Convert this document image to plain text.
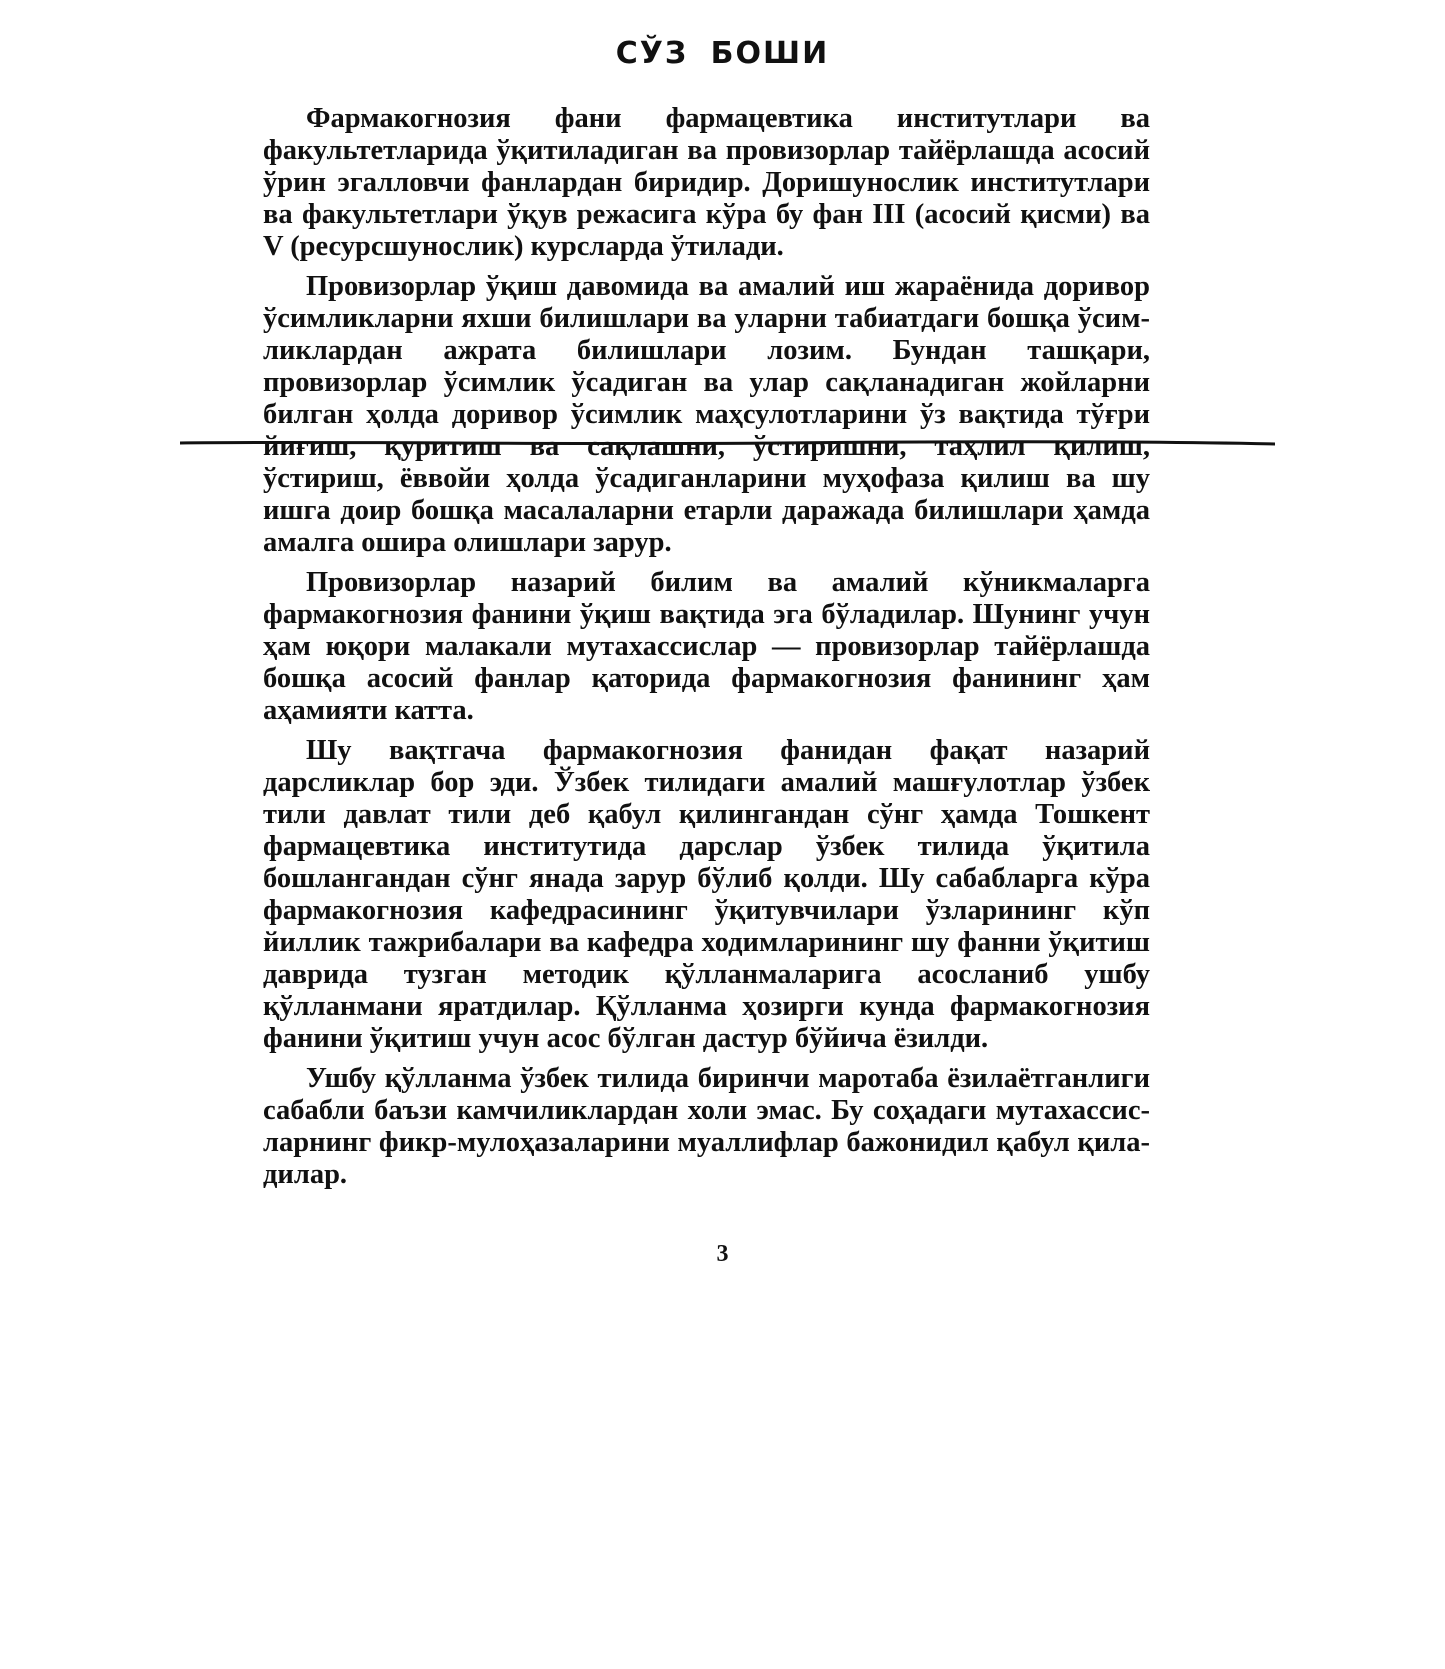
СЎЗ БОШИ

Фармакогнозия фани фармацевтика институтлари ва факультетларида ўқитиладиган ва провизорлар тайёрлашда асосий ўрин эгалловчи фанлардан биридир. Доришунослик институтлари ва факультетлари ўқув режасига кўра бу фан III (асосий қисми) ва V (ресурсшунослик) курсларда ўтилади.

Провизорлар ўқиш давомида ва амалий иш жараёнида доривор ўсимликларни яхши билишлари ва уларни табиатдаги бошқа ўсимликлардан ажрата билишлари лозим. Бундан ташқари, провизорлар ўсимлик ўсадиган ва улар сақланадиган жойларни билган ҳолда доривор ўсимлик маҳсулотларини ўз вақтида тўғри йиғиш, қуритиш ва сақлашни, ўстиришни, таҳлил қилиш, ўстириш, ёввойи ҳолда ўсадиганларини муҳофаза қилиш ва шу ишга доир бошқа масалаларни етарли даражада билишлари ҳамда амалга ошира олишлари зарур.

Провизорлар назарий билим ва амалий кўникмаларга фармакогнозия фанини ўқиш вақтида эга бўладилар. Шунинг учун ҳам юқори малакали мутахассислар — провизорлар тайёрлашда бошқа асосий фанлар қаторида фармакогнозия фанининг ҳам аҳамияти катта.

Шу вақтгача фармакогнозия фанидан фақат назарий дарсликлар бор эди. Ўзбек тилидаги амалий машғулотлар ўзбек тили давлат тили деб қабул қилингандан сўнг ҳамда Тошкент фармацевтика институтида дарслар ўзбек тилида ўқитила бошлангандан сўнг янада зарур бўлиб қолди. Шу сабабларга кўра фармакогнозия кафедрасининг ўқитувчилари ўзларининг кўп йиллик тажрибалари ва кафедра ходимларининг шу фанни ўқитиш даврида тузган методик қўлланмаларига асосланиб ушбу қўлланмани яратдилар. Қўлланма ҳозирги кунда фармакогнозия фанини ўқитиш учун асос бўлган дастур бўйича ёзилди.

Ушбу қўлланма ўзбек тилида биринчи маротаба ёзилаётганлиги сабабли баъзи камчиликлардан холи эмас. Бу соҳадаги мутахассисларнинг фикр-мулоҳазаларини муаллифлар бажонидил қабул қиладилар.

3
